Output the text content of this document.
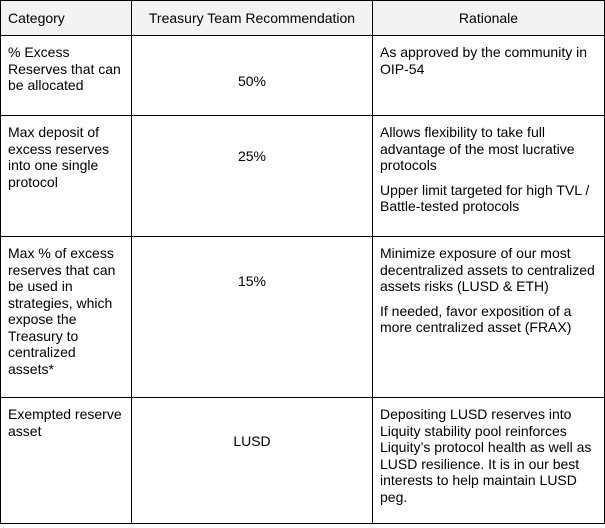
Category	Treasury Team Recommendation	Rationale
% Excess Reserves that can be allocated	50%	As approved by the community in OIP-54

Max deposit of excess reserves into one single protocol	25%	Allows flexibility to take full advantage of the most lucrative protocols
Upper limit targeted for high TVL / Battle-tested protocols

Max % of excess reserves that can be used in strategies, which expose the Treasury to centralized assets*	15%	Minimize exposure of our most decentralized assets to centralized assets risks (LUSD & ETH)
If needed, favor exposition of a more centralized asset (FRAX)

Exempted reserve asset	LUSD	Depositing LUSD reserves into Liquity stability pool reinforces Liquity’s protocol health as well as LUSD resilience. It is in our best interests to help maintain LUSD peg.
